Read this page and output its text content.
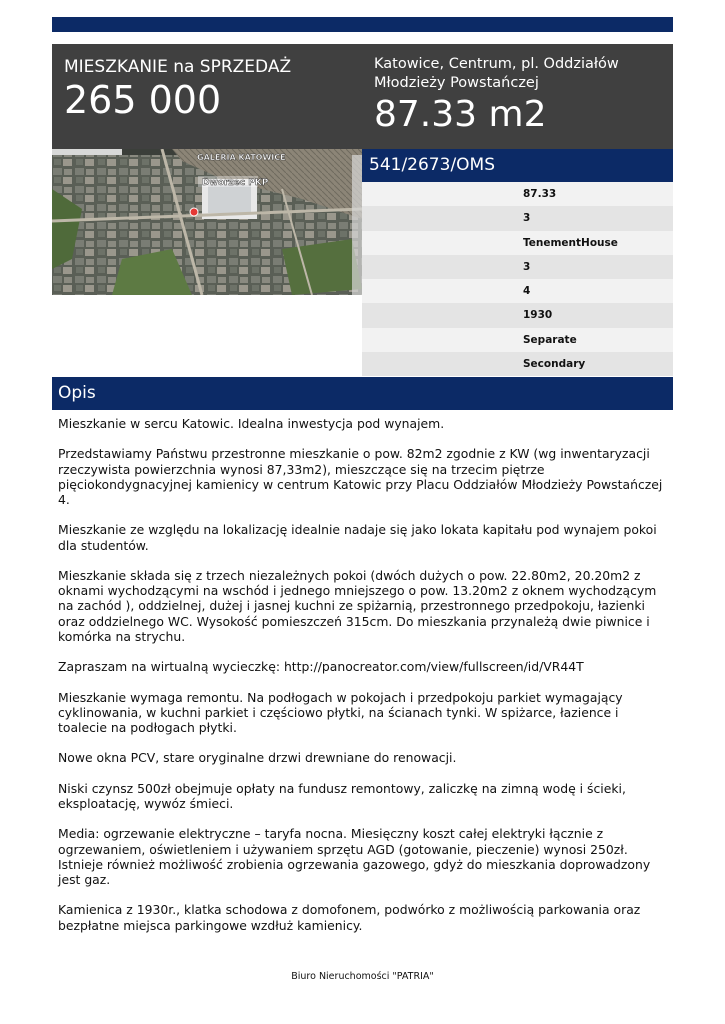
MIESZKANIE na SPRZEDAŻ
265 000
Katowice, Centrum, pl. Oddziałów
Młodzieży Powstańczej
87.33 m2
GALERIA KATOWICE
Dworzec PKP
541/2673/OMS
87.33
3
TenementHouse
3
4
1930
Separate
Secondary
Opis

Mieszkanie w sercu Katowic. Idealna inwestycja pod wynajem.

Przedstawiamy Państwu przestronne mieszkanie o pow. 82m2 zgodnie z KW (wg inwentaryzacji rzeczywista powierzchnia wynosi 87,33m2), mieszczące się na trzecim piętrze pięciokondygnacyjnej kamienicy w centrum Katowic przy Placu Oddziałów Młodzieży Powstańczej 4.

Mieszkanie ze względu na lokalizację idealnie nadaje się jako lokata kapitału pod wynajem pokoi dla studentów.

Mieszkanie składa się z trzech niezależnych pokoi (dwóch dużych o pow. 22.80m2, 20.20m2 z oknami wychodzącymi na wschód i jednego mniejszego o pow. 13.20m2 z oknem wychodzącym na zachód ), oddzielnej, dużej i jasnej kuchni ze spiżarnią, przestronnego przedpokoju, łazienki oraz oddzielnego WC. Wysokość pomieszczeń 315cm. Do mieszkania przynależą dwie piwnice i komórka na strychu.

Zapraszam na wirtualną wycieczkę: http://panocreator.com/view/fullscreen/id/VR44T

Mieszkanie wymaga remontu. Na podłogach w pokojach i przedpokoju parkiet wymagający cyklinowania, w kuchni parkiet i częściowo płytki, na ścianach tynki. W spiżarce, łazience i toalecie na podłogach płytki.

Nowe okna PCV, stare oryginalne drzwi drewniane do renowacji.

Niski czynsz 500zł obejmuje opłaty na fundusz remontowy, zaliczkę na zimną wodę i ścieki, eksploatację, wywóz śmieci.

Media: ogrzewanie elektryczne – taryfa nocna. Miesięczny koszt całej elektryki łącznie z ogrzewaniem, oświetleniem i używaniem sprzętu AGD (gotowanie, pieczenie) wynosi 250zł. Istnieje również możliwość zrobienia ogrzewania gazowego, gdyż do mieszkania doprowadzony jest gaz.

Kamienica z 1930r., klatka schodowa z domofonem, podwórko z możliwością parkowania oraz bezpłatne miejsca parkingowe wzdłuż kamienicy.

Biuro Nieruchomości "PATRIA"
